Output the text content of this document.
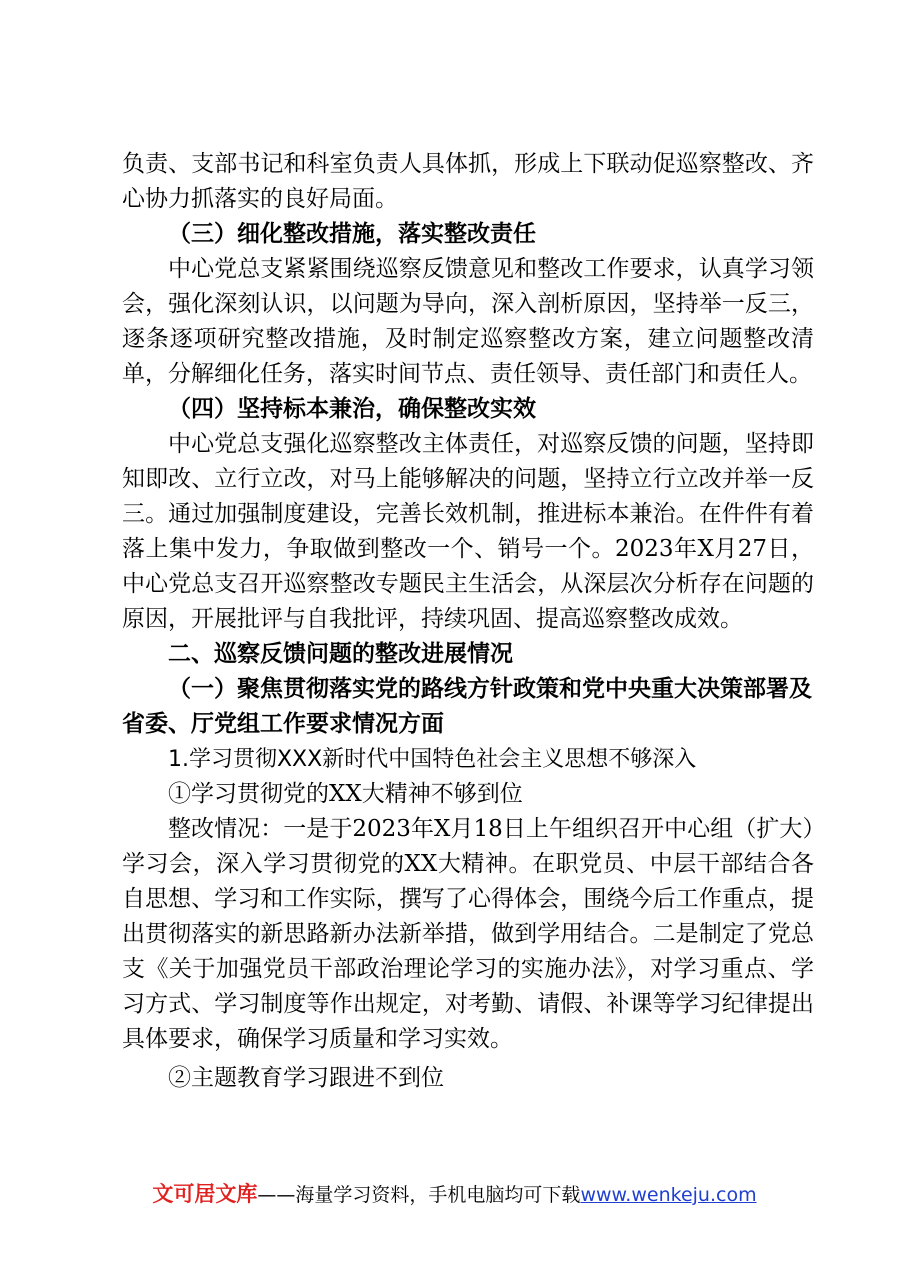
负责、支部书记和科室负责人具体抓，形成上下联动促巡察整改、齐心协力抓落实的良好局面。

（三）细化整改措施，落实整改责任

中心党总支紧紧围绕巡察反馈意见和整改工作要求，认真学习领会，强化深刻认识，以问题为导向，深入剖析原因，坚持举一反三，逐条逐项研究整改措施，及时制定巡察整改方案，建立问题整改清单，分解细化任务，落实时间节点、责任领导、责任部门和责任人。

（四）坚持标本兼治，确保整改实效

中心党总支强化巡察整改主体责任，对巡察反馈的问题，坚持即知即改、立行立改，对马上能够解决的问题，坚持立行立改并举一反三。通过加强制度建设，完善长效机制，推进标本兼治。在件件有着落上集中发力，争取做到整改一个、销号一个。2023年X月27日，中心党总支召开巡察整改专题民主生活会，从深层次分析存在问题的原因，开展批评与自我批评，持续巩固、提高巡察整改成效。

二、巡察反馈问题的整改进展情况

（一）聚焦贯彻落实党的路线方针政策和党中央重大决策部署及省委、厅党组工作要求情况方面

1.学习贯彻XXX新时代中国特色社会主义思想不够深入

①学习贯彻党的XX大精神不够到位

整改情况：一是于2023年X月18日上午组织召开中心组（扩大）学习会，深入学习贯彻党的XX大精神。在职党员、中层干部结合各自思想、学习和工作实际，撰写了心得体会，围绕今后工作重点，提出贯彻落实的新思路新办法新举措，做到学用结合。二是制定了党总支《关于加强党员干部政治理论学习的实施办法》，对学习重点、学习方式、学习制度等作出规定，对考勤、请假、补课等学习纪律提出具体要求，确保学习质量和学习实效。

②主题教育学习跟进不到位

文可居文库——海量学习资料，手机电脑均可下载www.wenkeju.com
